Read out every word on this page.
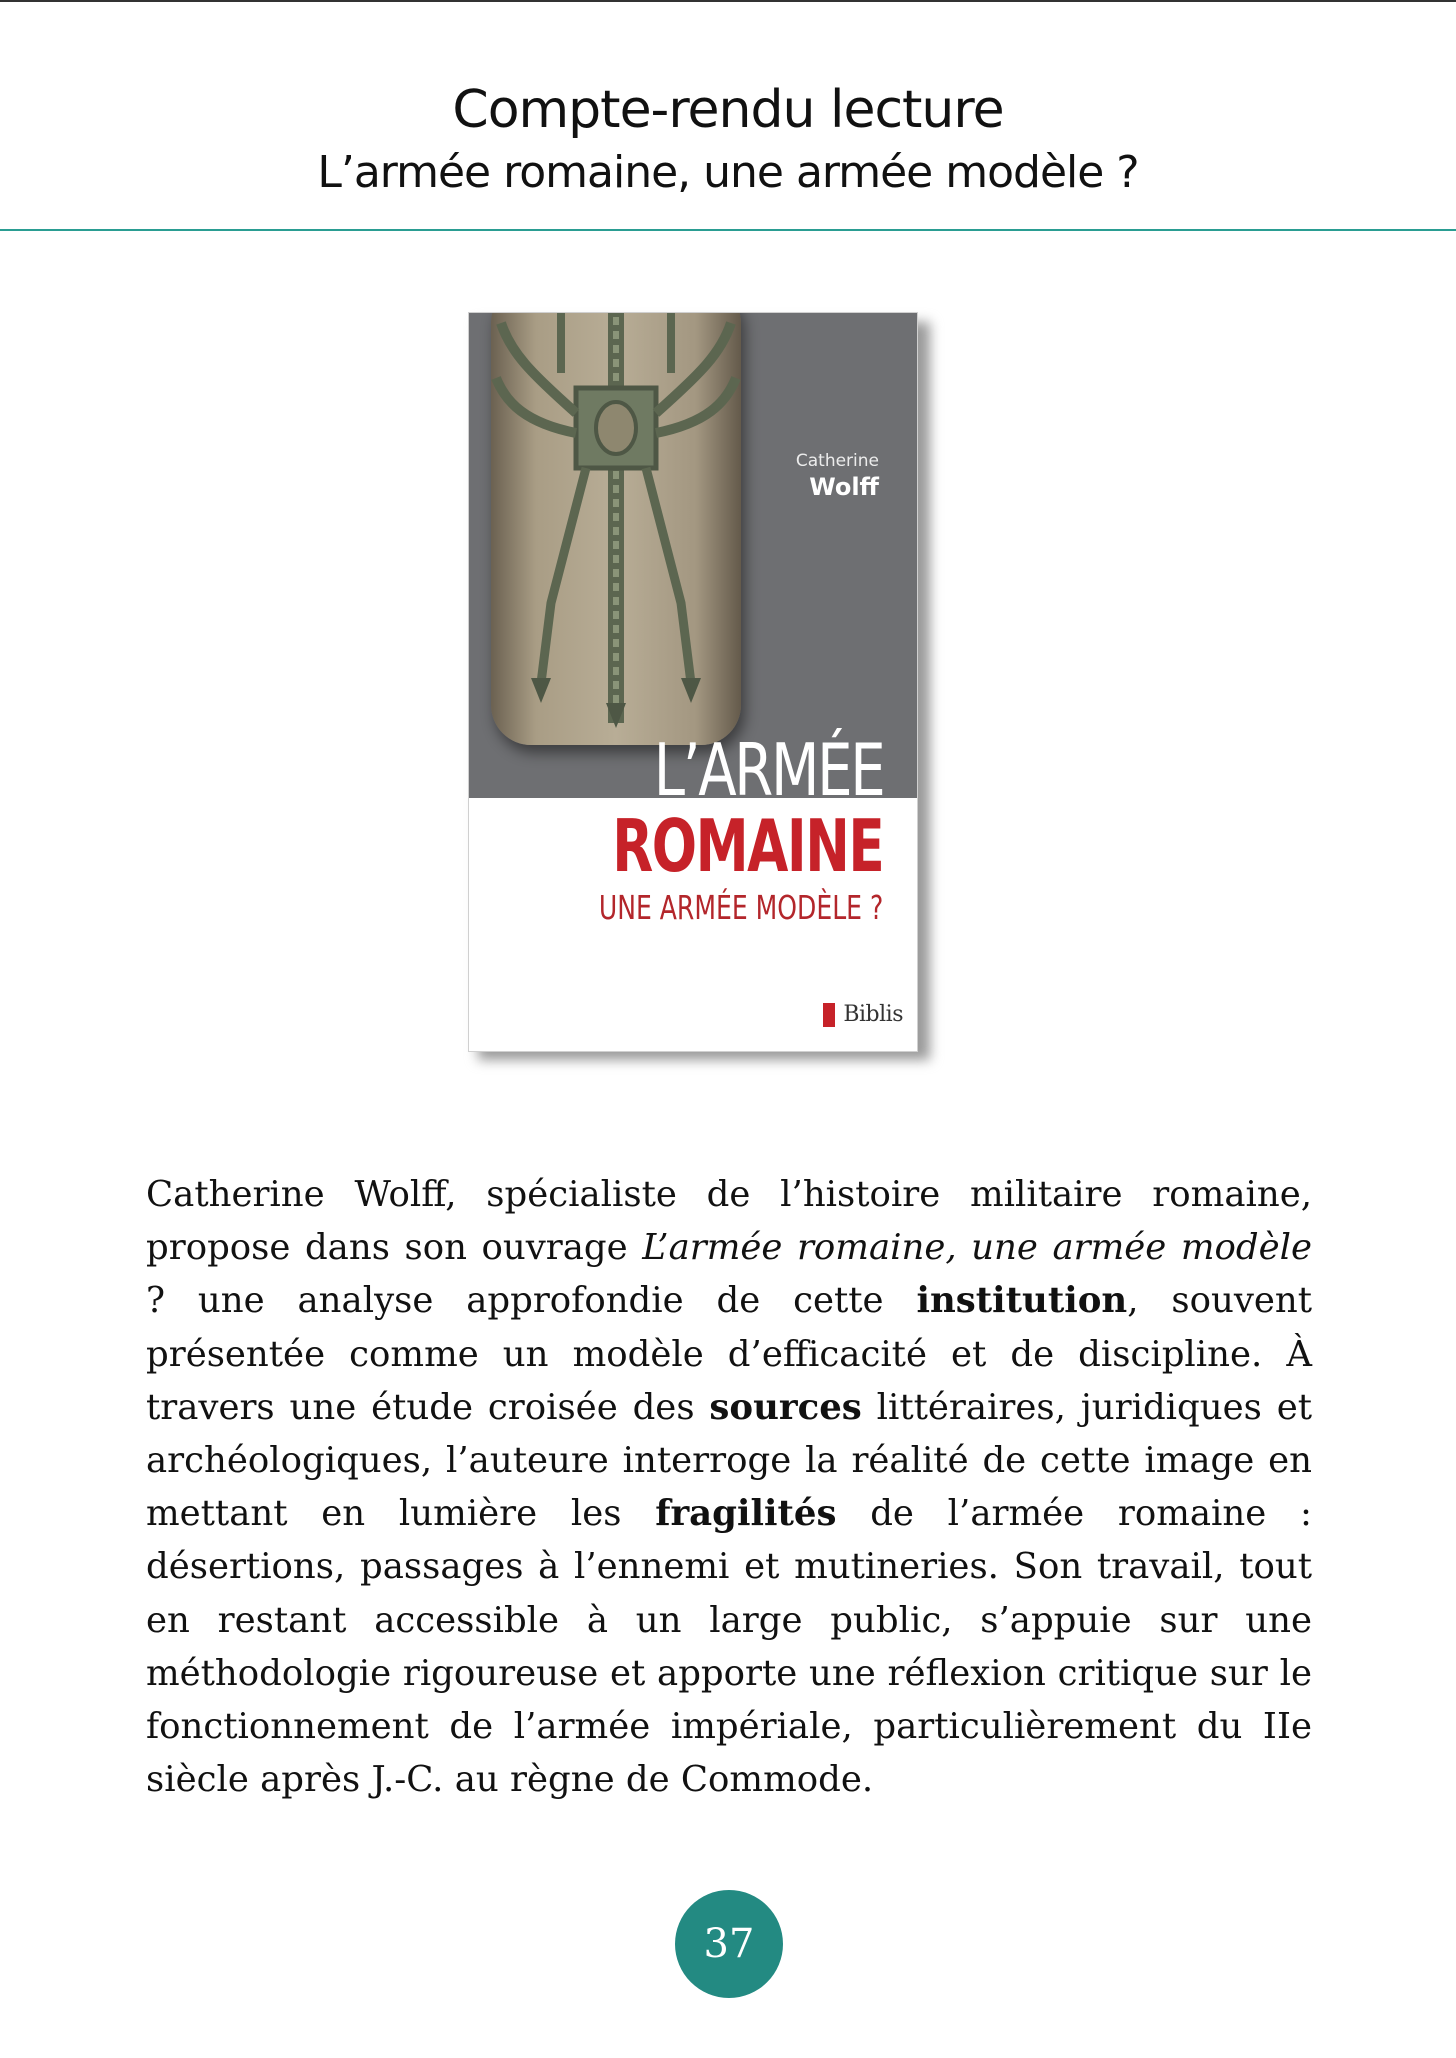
Compte-rendu lecture
L’armée romaine, une armée modèle ?
Catherine
Wolff
L’ARMÉE
ROMAINE
UNE ARMÉE MODÈLE ?
Biblis
Catherine Wolff, spécialiste de l’histoire militaire romaine, propose dans son ouvrage L’armée romaine, une armée modèle ? une analyse approfondie de cette institution, souvent présentée comme un modèle d’efficacité et de discipline. À travers une étude croisée des sources littéraires, juridiques et archéologiques, l’auteure interroge la réalité de cette image en mettant en lumière les fragilités de l’armée romaine : désertions, passages à l’ennemi et mutineries. Son travail, tout en restant accessible à un large public, s’appuie sur une méthodologie rigoureuse et apporte une réflexion critique sur le fonctionnement de l’armée impériale, particulièrement du IIe siècle après J.-C. au règne de Commode.
37
